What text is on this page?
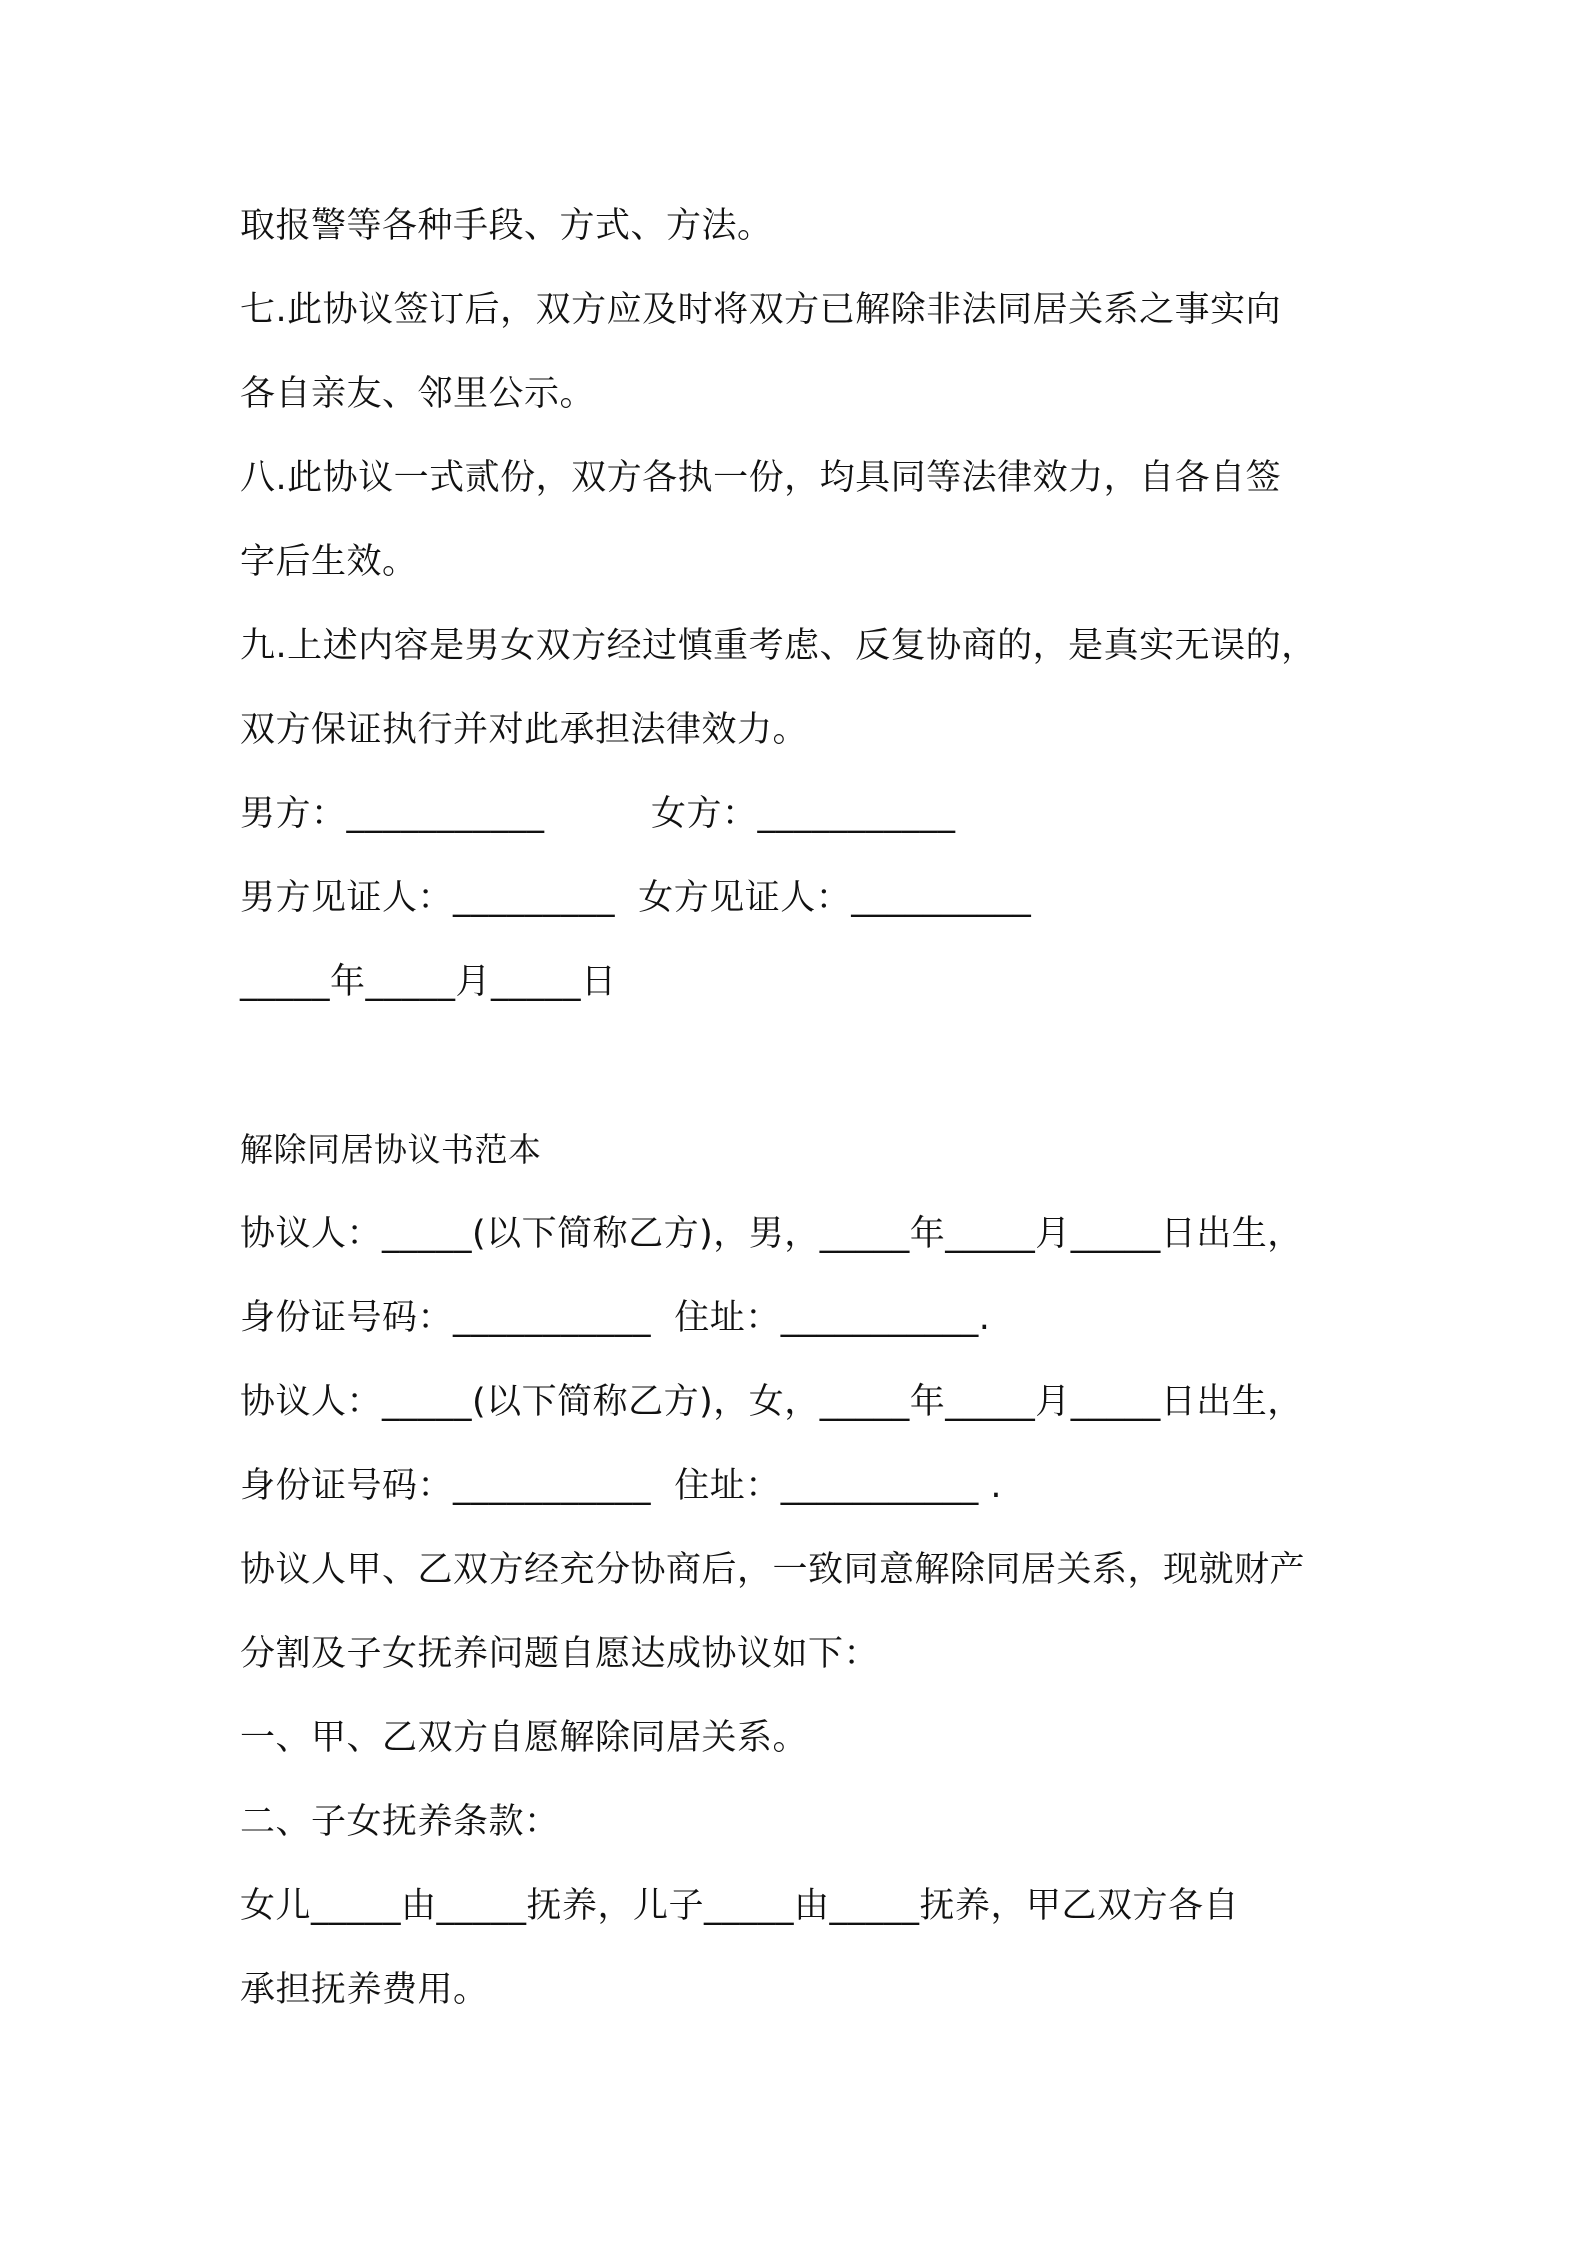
取报警等各种手段、方式、方法。
七.此协议签订后，双方应及时将双方已解除非法同居关系之事实向
各自亲友、邻里公示。
八.此协议一式贰份，双方各执一份，均具同等法律效力，自各自签
字后生效。
九.上述内容是男女双方经过慎重考虑、反复协商的，是真实无误的，
双方保证执行并对此承担法律效力。
男方：___________　　　女方：___________
男方见证人：_________  女方见证人：__________
_____年_____月_____日
解除同居协议书范本
协议人：_____(以下简称乙方)，男，_____年_____月_____日出生，
身份证号码：___________  住址：___________.
协议人：_____(以下简称乙方)，女，_____年_____月_____日出生，
身份证号码：___________  住址：___________ .
协议人甲、乙双方经充分协商后，一致同意解除同居关系，现就财产
分割及子女抚养问题自愿达成协议如下：
一、甲、乙双方自愿解除同居关系。
二、子女抚养条款：
女儿_____由_____抚养，儿子_____由_____抚养，甲乙双方各自
承担抚养费用。
